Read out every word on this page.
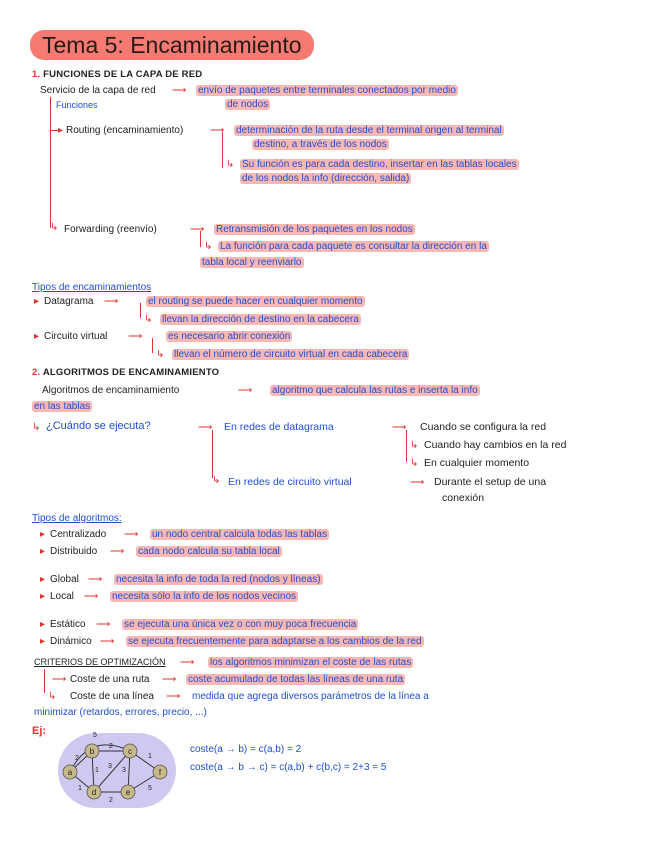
Tema 5: Encaminamiento
1. FUNCIONES DE LA CAPA DE RED
Servicio de la capa de red ⟶ envío de paquetes entre terminales conectados por medio
de nodos
Funciones
▸ Routing (encaminamiento)	⟶ determinación de la ruta desde el terminal origen al terminal
destino, a través de los nodos
↳ Su función es para cada destino, insertar en las tablas locales
de los nodos la info (dirección, salida)
↳ Forwarding (reenvío)	⟶ Retransmisión de los paquetes en los nodos
↳ La función para cada paquete es consultar la dirección en la
tabla local y reenviarlo
Tipos de encaminamientos
▸ Datagrama ⟶	el routing se puede hacer en cualquier momento
↳ llevan la dirección de destino en la cabecera
▸ Circuito virtual ⟶	es necesario abrir conexión
↳ llevan el número de circuito virtual en cada cabecera
2. ALGORITMOS DE ENCAMINAMIENTO
Algoritmos de encaminamiento	⟶ algoritmo que calcula las rutas e inserta la info
en las tablas
↳ ¿Cuándo se ejecuta?	⟶ En redes de datagrama	⟶ Cuando se configura la red
↳ Cuando hay cambios en la red
↳ En cualquier momento
↳ En redes de circuito virtual	⟶ Durante el setup de una
conexión
Tipos de algoritmos:
▸ Centralizado ⟶ un nodo central calcula todas las tablas
▸ Distribuido ⟶ cada nodo calcula su tabla local
▸ Global ⟶ necesita la info de toda la red (nodos y líneas)
▸ Local ⟶ necesita sólo la info de los nodos vecinos
▸ Estático ⟶ se ejecuta una única vez o con muy poca frecuencia
▸ Dinámico ⟶ se ejecuta frecuentemente para adaptarse a los cambios de la red
CRITERIOS DE OPTIMIZACIÓN ⟶ los algoritmos minimizan el coste de las rutas
⟶ Coste de una ruta ⟶ coste acumulado de todas las líneas de una ruta
↳ Coste de una línea ⟶ medida que agrega diversos parámetros de la línea a
minimizar (retardos, errores, precio, ...)
Ej:
a
b	c
d	e
f
5
2
3
1
2
3
1
1
2
5
coste(a → b) = c(a,b) = 2
coste(a → b → c) = c(a,b) + c(b,c) = 2+3 = 5
